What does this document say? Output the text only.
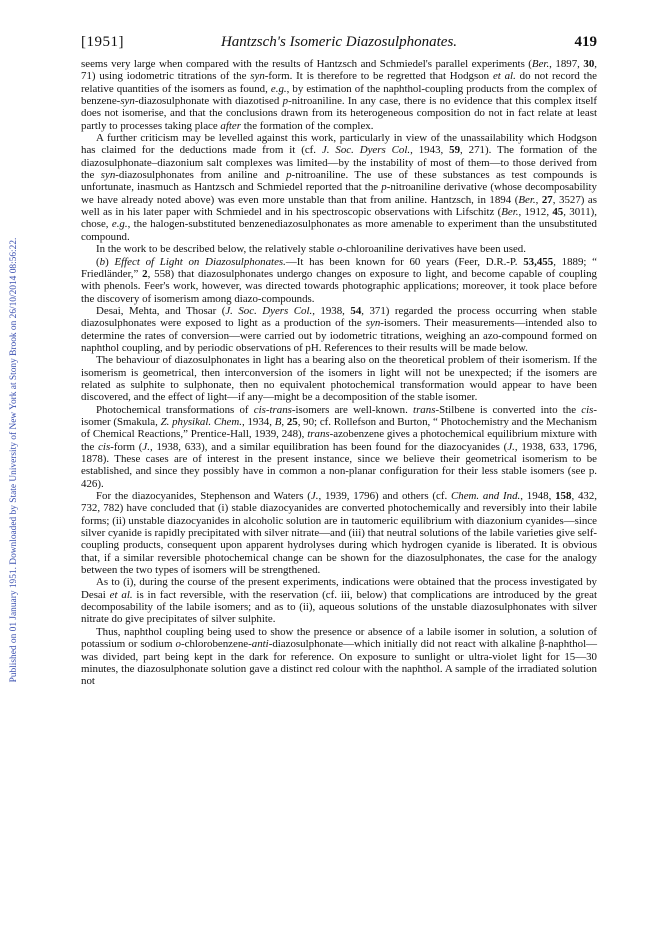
Published on 01 January 1951. Downloaded by State University of New York at Stony Brook on 26/10/2014 08:56:22.
[1951]	Hantzsch's Isomeric Diazosulphonates.	419

seems very large when compared with the results of Hantzsch and Schmiedel's parallel experiments (Ber., 1897, 30, 71) using iodometric titrations of the syn-form. It is therefore to be regretted that Hodgson et al. do not record the relative quantities of the isomers as found, e.g., by estimation of the naphthol-coupling products from the complex of benzene-syn-diazosulphonate with diazotised p-nitroaniline. In any case, there is no evidence that this complex itself does not isomerise, and that the conclusions drawn from its heterogeneous composition do not in fact relate at least partly to processes taking place after the formation of the complex.

A further criticism may be levelled against this work, particularly in view of the unassailability which Hodgson has claimed for the deductions made from it (cf. J. Soc. Dyers Col., 1943, 59, 271). The formation of the diazosulphonate–diazonium salt complexes was limited—by the instability of most of them—to those derived from the syn-diazosulphonates from aniline and p-nitroaniline. The use of these substances as test compounds is unfortunate, inasmuch as Hantzsch and Schmiedel reported that the p-nitroaniline derivative (whose decomposability we have already noted above) was even more unstable than that from aniline. Hantzsch, in 1894 (Ber., 27, 3527) as well as in his later paper with Schmiedel and in his spectroscopic observations with Lifschitz (Ber., 1912, 45, 3011), chose, e.g., the halogen-substituted benzenediazosulphonates as more amenable to experiment than the unsubstituted compound.

In the work to be described below, the relatively stable o-chloroaniline derivatives have been used.

(b) Effect of Light on Diazosulphonates.—It has been known for 60 years (Feer, D.R.-P. 53,455, 1889; “ Friedländer,” 2, 558) that diazosulphonates undergo changes on exposure to light, and become capable of coupling with phenols. Feer's work, however, was directed towards photographic applications; moreover, it took place before the discovery of isomerism among diazo-compounds.

Desai, Mehta, and Thosar (J. Soc. Dyers Col., 1938, 54, 371) regarded the process occurring when stable diazosulphonates were exposed to light as a production of the syn-isomers. Their measurements—intended also to determine the rates of conversion—were carried out by iodometric titrations, weighing an azo-compound formed on naphthol coupling, and by periodic observations of pH. References to their results will be made below.

The behaviour of diazosulphonates in light has a bearing also on the theoretical problem of their isomerism. If the isomerism is geometrical, then interconversion of the isomers in light will not be unexpected; if the isomers are related as sulphite to sulphonate, then no equivalent photochemical transformation would appear to have been discovered, and the effect of light—if any—might be a decomposition of the stable isomer.

Photochemical transformations of cis-trans-isomers are well-known. trans-Stilbene is converted into the cis-isomer (Smakula, Z. physikal. Chem., 1934, B, 25, 90; cf. Rollefson and Burton, “ Photochemistry and the Mechanism of Chemical Reactions,” Prentice-Hall, 1939, 248), trans-azobenzene gives a photochemical equilibrium mixture with the cis-form (J., 1938, 633), and a similar equilibration has been found for the diazocyanides (J., 1938, 633, 1796, 1878). These cases are of interest in the present instance, since we believe their geometrical isomerism to be established, and since they possibly have in common a non-planar configuration for their less stable isomers (see p. 426).

For the diazocyanides, Stephenson and Waters (J., 1939, 1796) and others (cf. Chem. and Ind., 1948, 158, 432, 732, 782) have concluded that (i) stable diazocyanides are converted photochemically and reversibly into their labile forms; (ii) unstable diazocyanides in alcoholic solution are in tautomeric equilibrium with diazonium cyanides—since silver cyanide is rapidly precipitated with silver nitrate—and (iii) that neutral solutions of the labile varieties give self-coupling products, consequent upon apparent hydrolyses during which hydrogen cyanide is liberated. It is obvious that, if a similar reversible photochemical change can be shown for the diazosulphonates, the case for the analogy between the two types of isomers will be strengthened.

As to (i), during the course of the present experiments, indications were obtained that the process investigated by Desai et al. is in fact reversible, with the reservation (cf. iii, below) that complications are introduced by the great decomposability of the labile isomers; and as to (ii), aqueous solutions of the unstable diazosulphonates with silver nitrate do give precipitates of silver sulphite.

Thus, naphthol coupling being used to show the presence or absence of a labile isomer in solution, a solution of potassium or sodium o-chlorobenzene-anti-diazosulphonate—which initially did not react with alkaline β-naphthol—was divided, part being kept in the dark for reference. On exposure to sunlight or ultra-violet light for 15—30 minutes, the diazosulphonate solution gave a distinct red colour with the naphthol. A sample of the irradiated solution not
